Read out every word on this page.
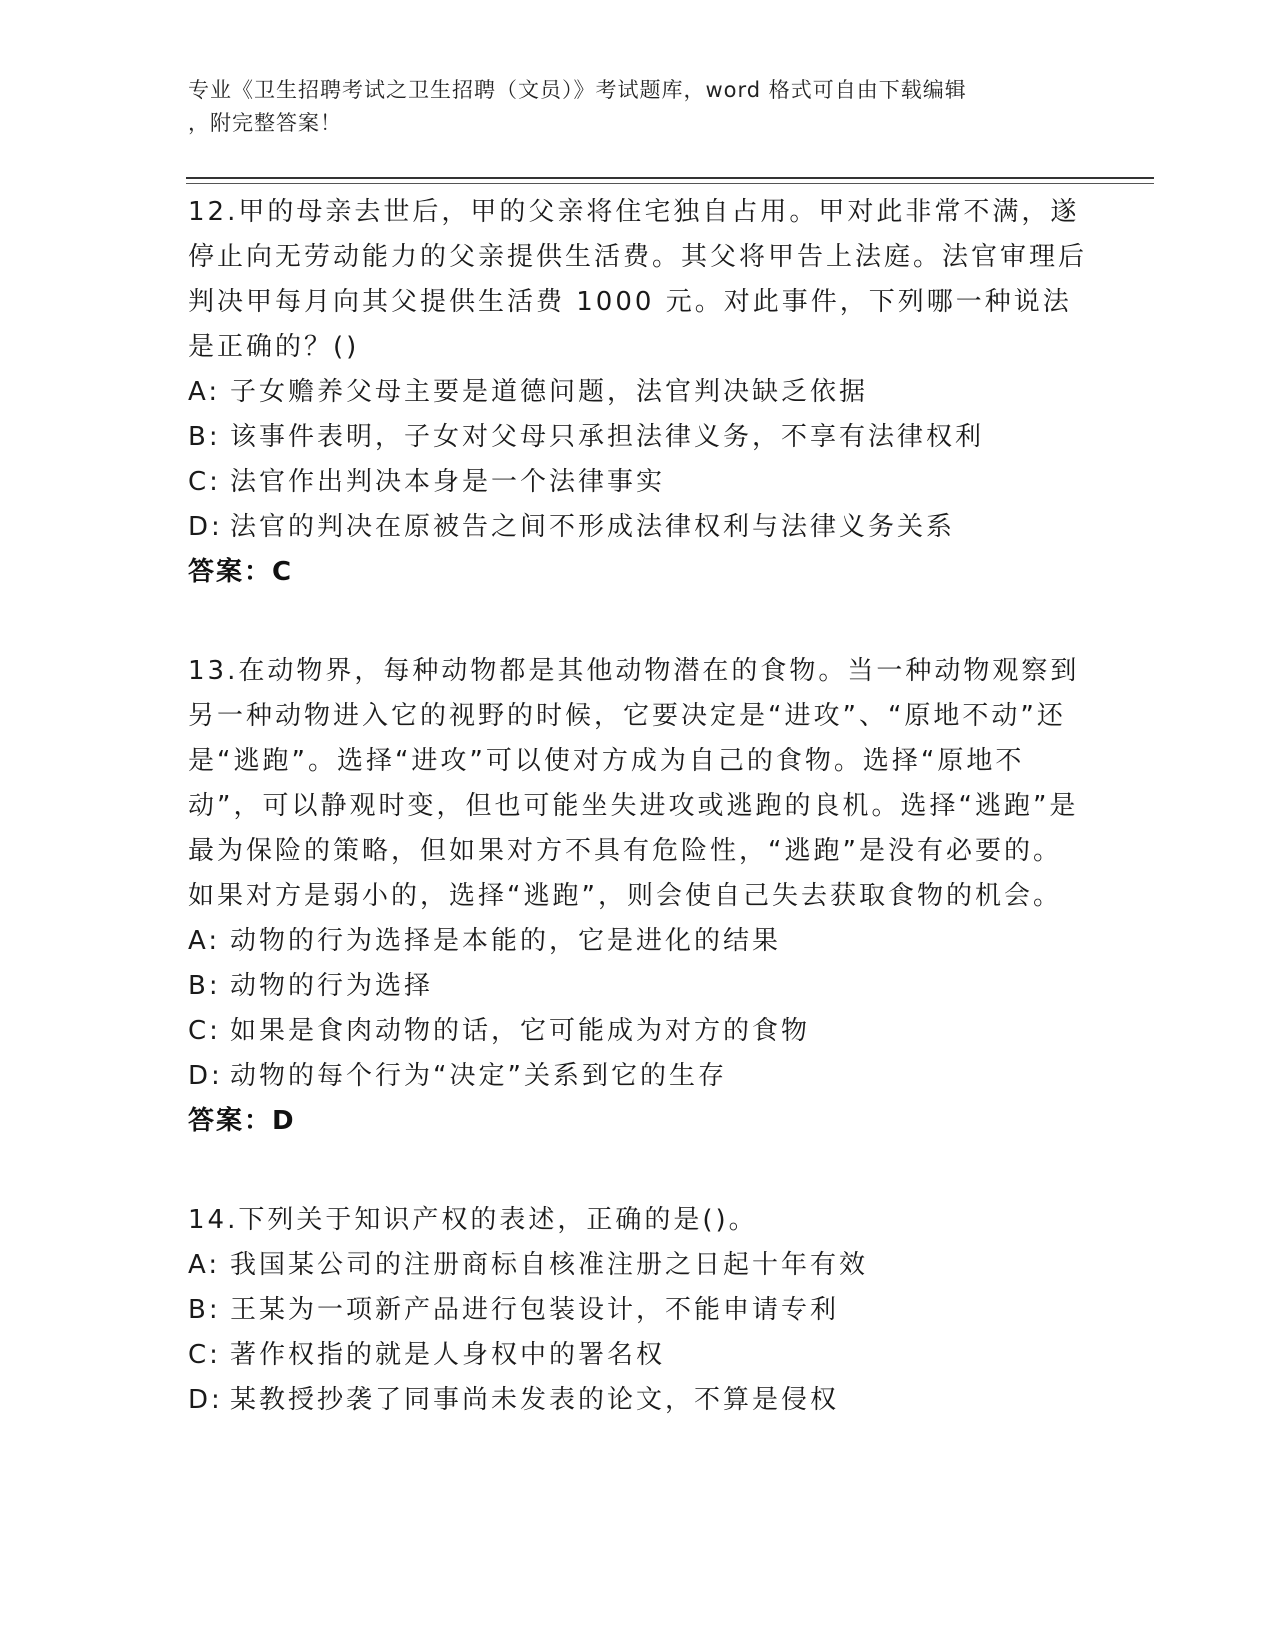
专业《卫生招聘考试之卫生招聘（文员）》考试题库，word 格式可自由下载编辑
，附完整答案！

12.甲的母亲去世后，甲的父亲将住宅独自占用。甲对此非常不满，遂停止向无劳动能力的父亲提供生活费。其父将甲告上法庭。法官审理后判决甲每月向其父提供生活费 1000 元。对此事件，下列哪一种说法是正确的？()

A: 子女赡养父母主要是道德问题，法官判决缺乏依据
B: 该事件表明，子女对父母只承担法律义务，不享有法律权利
C: 法官作出判决本身是一个法律事实
D: 法官的判决在原被告之间不形成法律权利与法律义务关系
答案：C

13.在动物界，每种动物都是其他动物潜在的食物。当一种动物观察到另一种动物进入它的视野的时候，它要决定是“进攻”、“原地不动”还是“逃跑”。选择“进攻”可以使对方成为自己的食物。选择“原地不动”，可以静观时变，但也可能坐失进攻或逃跑的良机。选择“逃跑”是最为保险的策略，但如果对方不具有危险性，“逃跑”是没有必要的。如果对方是弱小的，选择“逃跑”，则会使自己失去获取食物的机会。

A: 动物的行为选择是本能的，它是进化的结果
B: 动物的行为选择
C: 如果是食肉动物的话，它可能成为对方的食物
D: 动物的每个行为“决定”关系到它的生存
答案：D

14.下列关于知识产权的表述，正确的是()。

A: 我国某公司的注册商标自核准注册之日起十年有效
B: 王某为一项新产品进行包装设计，不能申请专利
C: 著作权指的就是人身权中的署名权
D: 某教授抄袭了同事尚未发表的论文，不算是侵权
